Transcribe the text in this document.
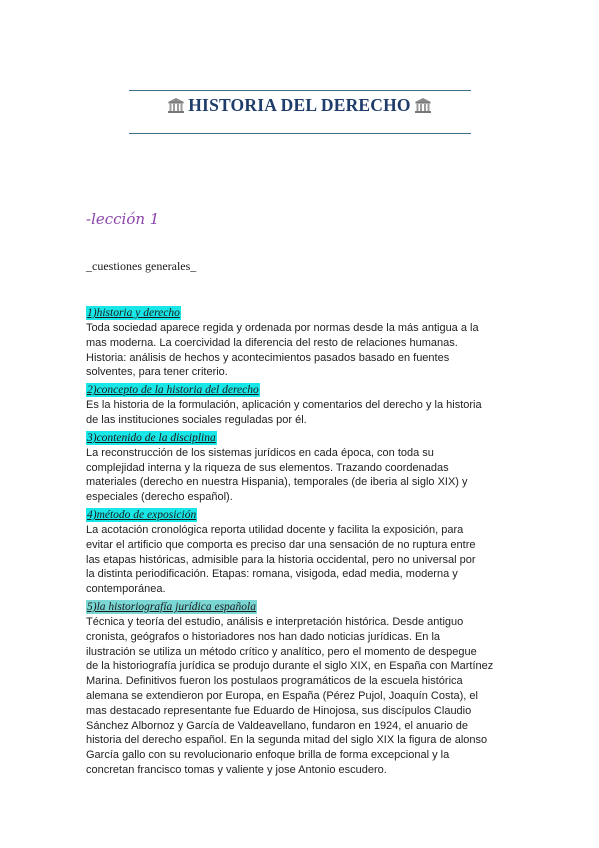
HISTORIA DEL DERECHO
-lección 1
_cuestiones generales_
1)historia y derecho
Toda sociedad aparece regida y ordenada por normas desde la más antigua a la
mas moderna. La coercividad la diferencia del resto de relaciones humanas.
Historia: análisis de hechos y acontecimientos pasados basado en fuentes
solventes, para tener criterio.
2)concepto de la historia del derecho
Es la historia de la formulación, aplicación y comentarios del derecho y la historia
de las instituciones sociales reguladas por él.
3)contenido de la disciplina
La reconstrucción de los sistemas jurídicos en cada época, con toda su
complejidad interna y la riqueza de sus elementos. Trazando coordenadas
materiales (derecho en nuestra Hispania), temporales (de iberia al siglo XIX) y
especiales (derecho español).
4)método de exposición
La acotación cronológica reporta utilidad docente y facilita la exposición, para
evitar el artificio que comporta es preciso dar una sensación de no ruptura entre
las etapas históricas, admisible para la historia occidental, pero no universal por
la distinta periodificación. Etapas: romana, visigoda, edad media, moderna y
contemporánea.
5)la historiografía jurídica española
Técnica y teoría del estudio, análisis e interpretación histórica. Desde antiguo
cronista, geógrafos o historiadores nos han dado noticias jurídicas. En la
ilustración se utiliza un método crítico y analítico, pero el momento de despegue
de la historiografía jurídica se produjo durante el siglo XIX, en España con Martínez
Marina. Definitivos fueron los postulaos programáticos de la escuela histórica
alemana se extendieron por Europa, en España (Pérez Pujol, Joaquín Costa), el
mas destacado representante fue Eduardo de Hinojosa, sus discípulos Claudio
Sánchez Albornoz y García de Valdeavellano, fundaron en 1924, el anuario de
historia del derecho español. En la segunda mitad del siglo XIX la figura de alonso
García gallo con su revolucionario enfoque brilla de forma excepcional y la
concretan francisco tomas y valiente y jose Antonio escudero.
